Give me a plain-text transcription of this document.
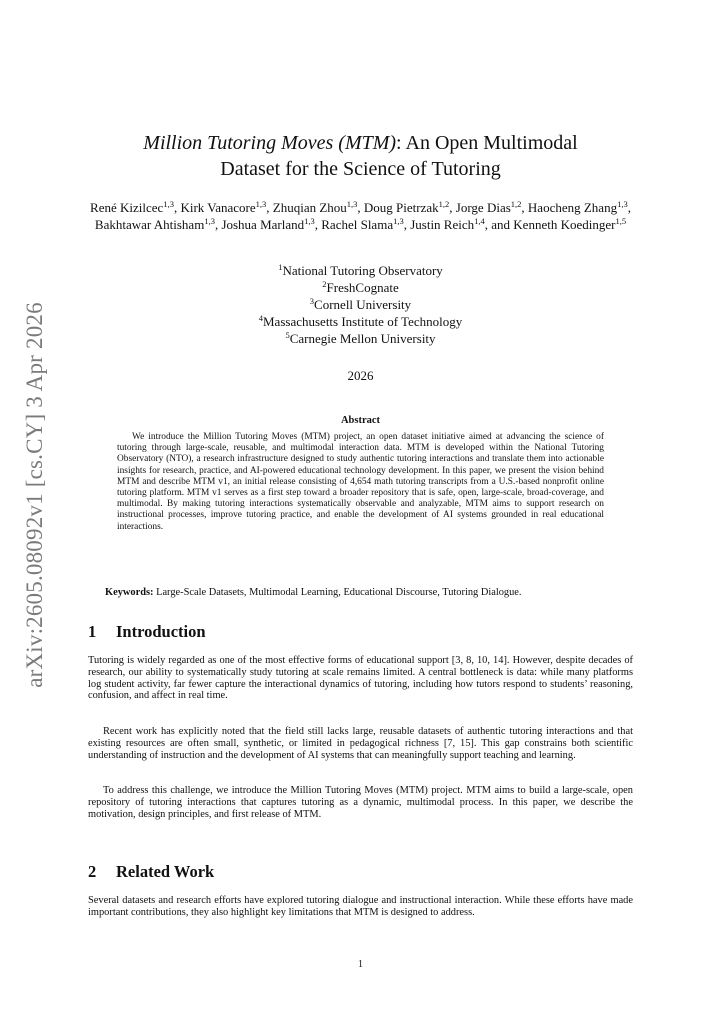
arXiv:2605.08092v1 [cs.CY] 3 Apr 2026
Million Tutoring Moves (MTM): An Open Multimodal
Dataset for the Science of Tutoring
René Kizilcec$^{1,3}$, Kirk Vanacore$^{1,3}$, Zhuqian Zhou$^{1,3}$, Doug Pietrzak$^{1,2}$, Jorge Dias$^{1,2}$, Haocheng Zhang$^{1,3}$, Bakhtawar Ahtisham$^{1,3}$, Joshua Marland$^{1,3}$, Rachel Slama$^{1,3}$, Justin Reich$^{1,4}$, and Kenneth Koedinger$^{1,5}$
$^1$National Tutoring Observatory
$^2$FreshCognate
$^3$Cornell University
$^4$Massachusetts Institute of Technology
$^5$Carnegie Mellon University
2026
Abstract
We introduce the Million Tutoring Moves (MTM) project, an open dataset initiative aimed at advancing the science of tutoring through large-scale, reusable, and multimodal interaction data. MTM is developed within the National Tutoring Observatory (NTO), a research infrastructure designed to study authentic tutoring interactions and translate them into actionable insights for research, practice, and AI-powered educational technology development. In this paper, we present the vision behind MTM and describe MTM v1, an initial release consisting of 4,654 math tutoring transcripts from a U.S.-based nonprofit online tutoring platform. MTM v1 serves as a first step toward a broader repository that is safe, open, large-scale, broad-coverage, and multimodal. By making tutoring interactions systematically observable and analyzable, MTM aims to support research on instructional processes, improve tutoring practice, and enable the development of AI systems grounded in real educational interactions.
Keywords: Large-Scale Datasets, Multimodal Learning, Educational Discourse, Tutoring Dialogue.
1 Introduction
Tutoring is widely regarded as one of the most effective forms of educational support [3, 8, 10, 14]. However, despite decades of research, our ability to systematically study tutoring at scale remains limited. A central bottleneck is data: while many platforms log student activity, far fewer capture the interactional dynamics of tutoring, including how tutors respond to students’ reasoning, confusion, and affect in real time.
Recent work has explicitly noted that the field still lacks large, reusable datasets of authentic tutoring interactions and that existing resources are often small, synthetic, or limited in pedagogical richness [7, 15]. This gap constrains both scientific understanding of instruction and the development of AI systems that can meaningfully support teaching and learning.
To address this challenge, we introduce the Million Tutoring Moves (MTM) project. MTM aims to build a large-scale, open repository of tutoring interactions that captures tutoring as a dynamic, multimodal process. In this paper, we describe the motivation, design principles, and first release of MTM.
2 Related Work
Several datasets and research efforts have explored tutoring dialogue and instructional interaction. While these efforts have made important contributions, they also highlight key limitations that MTM is designed to address.
1
